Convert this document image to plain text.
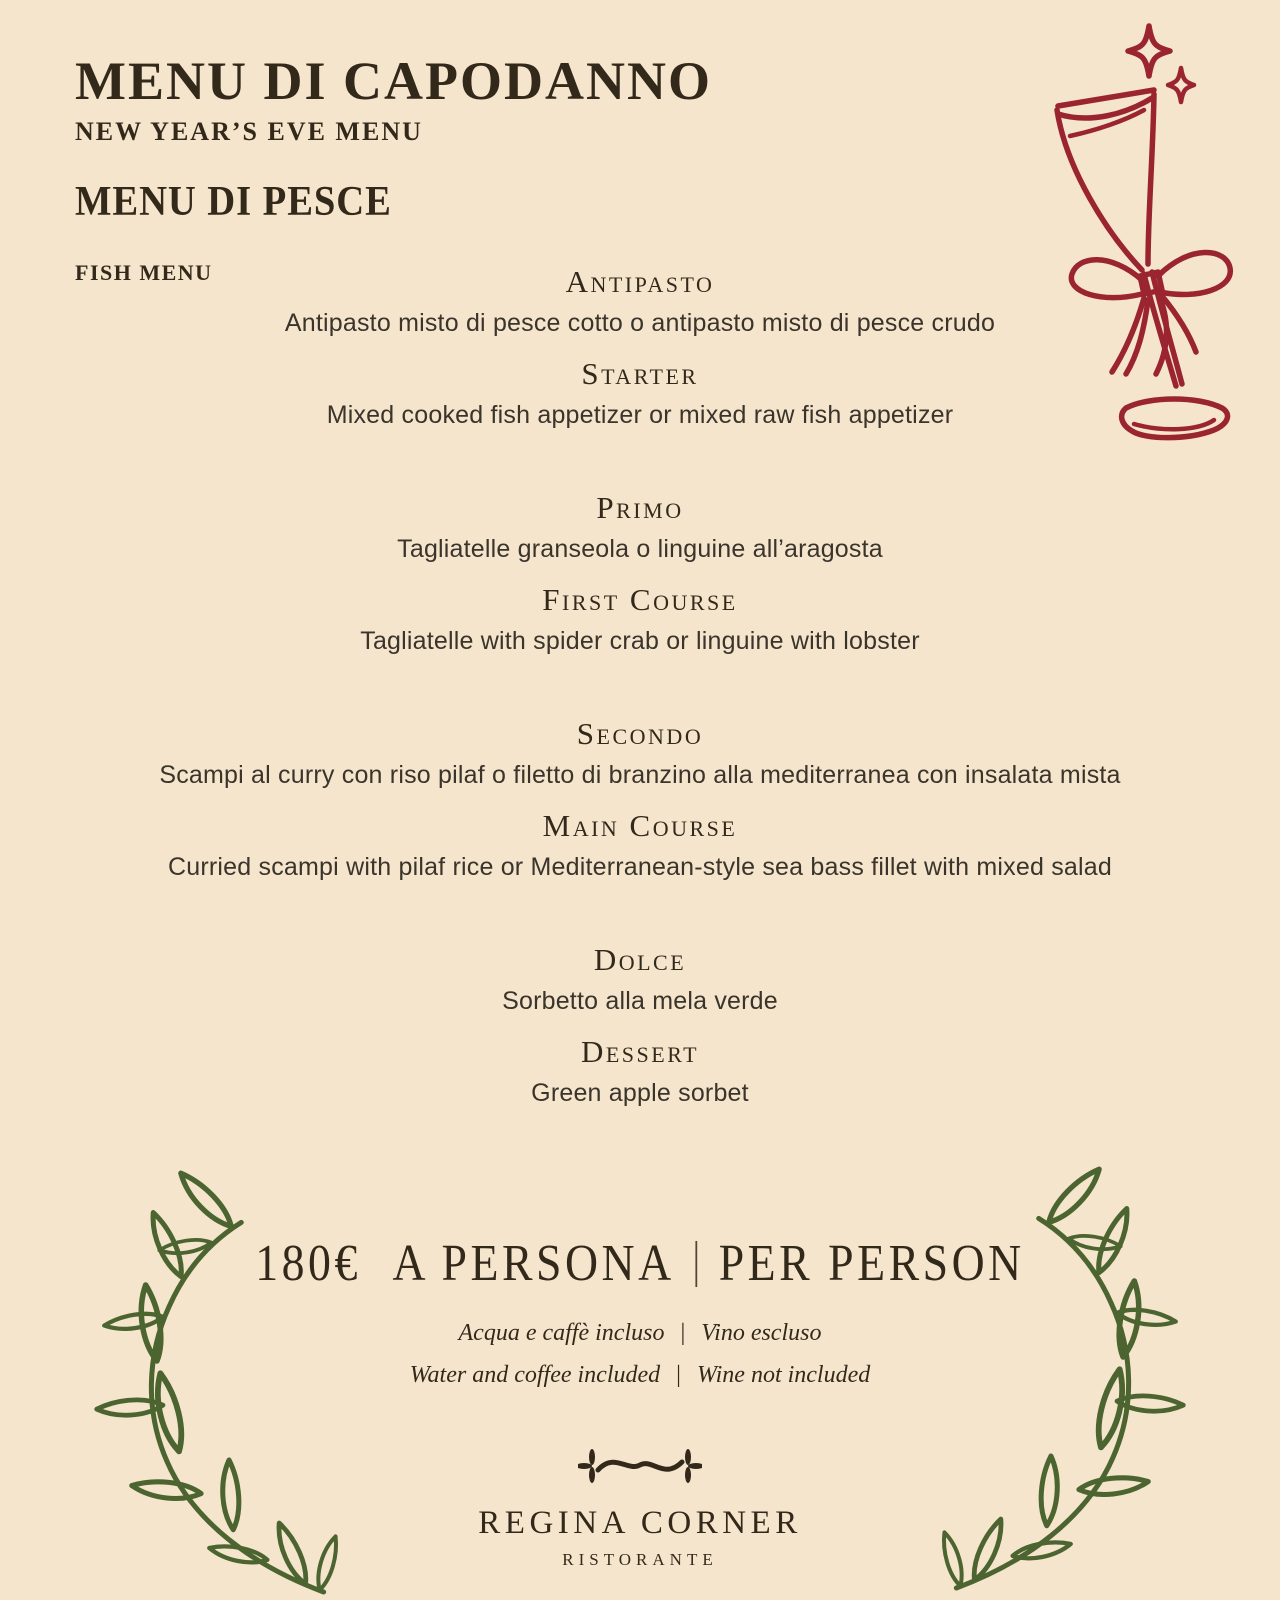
MENU DI CAPODANNO
NEW YEAR’S EVE MENU
MENU DI PESCE
FISH MENU	Antipasto

Antipasto misto di pesce cotto o antipasto misto di pesce crudo

Starter

Mixed cooked fish appetizer or mixed raw fish appetizer

Primo

Tagliatelle granseola o linguine all’aragosta

First Course

Tagliatelle with spider crab or linguine with lobster

Secondo

Scampi al curry con riso pilaf o filetto di branzino alla mediterranea con insalata mista

Main Course

Curried scampi with pilaf rice or Mediterranean-style sea bass fillet with mixed salad

Dolce

Sorbetto alla mela verde

Dessert

Green apple sorbet

180€ A PERSONA PER PERSON

Acqua e caffè incluso | Vino escluso

Water and coffee included | Wine not included

REGINA CORNER
RISTORANTE
